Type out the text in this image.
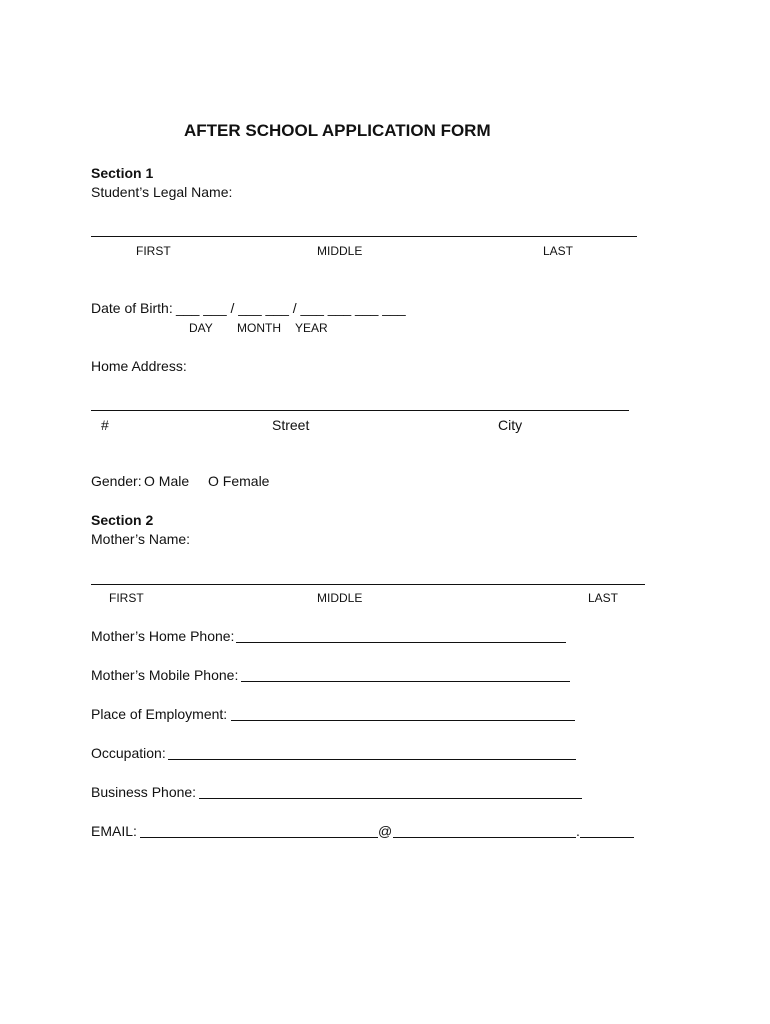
AFTER SCHOOL APPLICATION FORM
Section 1
Student’s Legal Name:
FIRST	MIDDLE	LAST
Date of Birth: ___ ___ / ___ ___ / ___ ___ ___ ___
DAY MONTH YEAR
Home Address:
#	Street	City
Gender: O Male O Female
Section 2
Mother’s Name:
FIRST	MIDDLE	LAST
Mother’s Home Phone:
Mother’s Mobile Phone:
Place of Employment:
Occupation:
Business Phone:
EMAIL:	@	.
